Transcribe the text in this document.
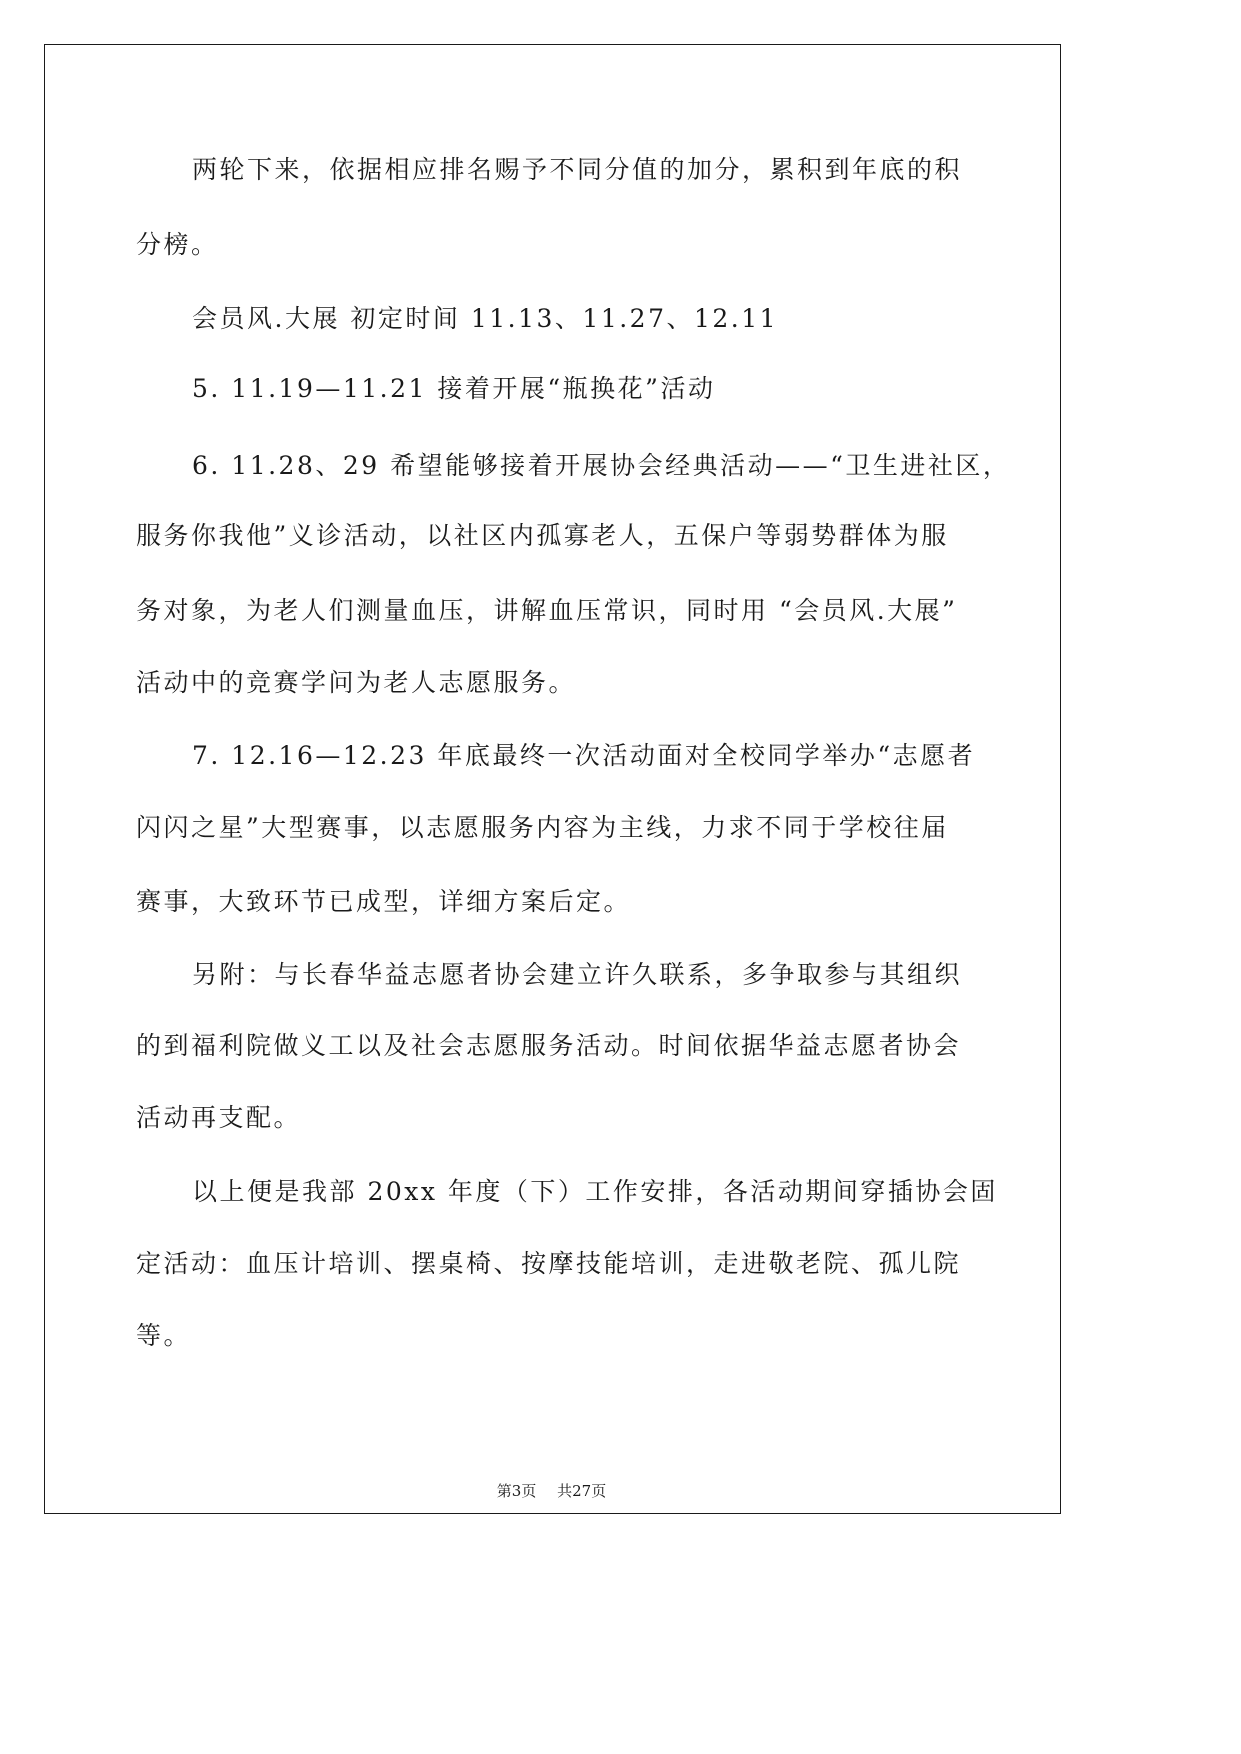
两轮下来，依据相应排名赐予不同分值的加分，累积到年底的积
分榜。
会员风.大展 初定时间 11.13、11.27、12.11
5. 11.19—11.21 接着开展“瓶换花”活动
6. 11.28、29 希望能够接着开展协会经典活动——“卫生进社区，
服务你我他”义诊活动，以社区内孤寡老人，五保户等弱势群体为服
务对象，为老人们测量血压，讲解血压常识，同时用 “会员风.大展”
活动中的竞赛学问为老人志愿服务。
7. 12.16—12.23 年底最终一次活动面对全校同学举办“志愿者
闪闪之星”大型赛事，以志愿服务内容为主线，力求不同于学校往届
赛事，大致环节已成型，详细方案后定。
另附：与长春华益志愿者协会建立许久联系，多争取参与其组织
的到福利院做义工以及社会志愿服务活动。时间依据华益志愿者协会
活动再支配。
以上便是我部 20xx 年度（下）工作安排，各活动期间穿插协会固
定活动：血压计培训、摆桌椅、按摩技能培训，走进敬老院、孤儿院
等。
第3页 共27页
